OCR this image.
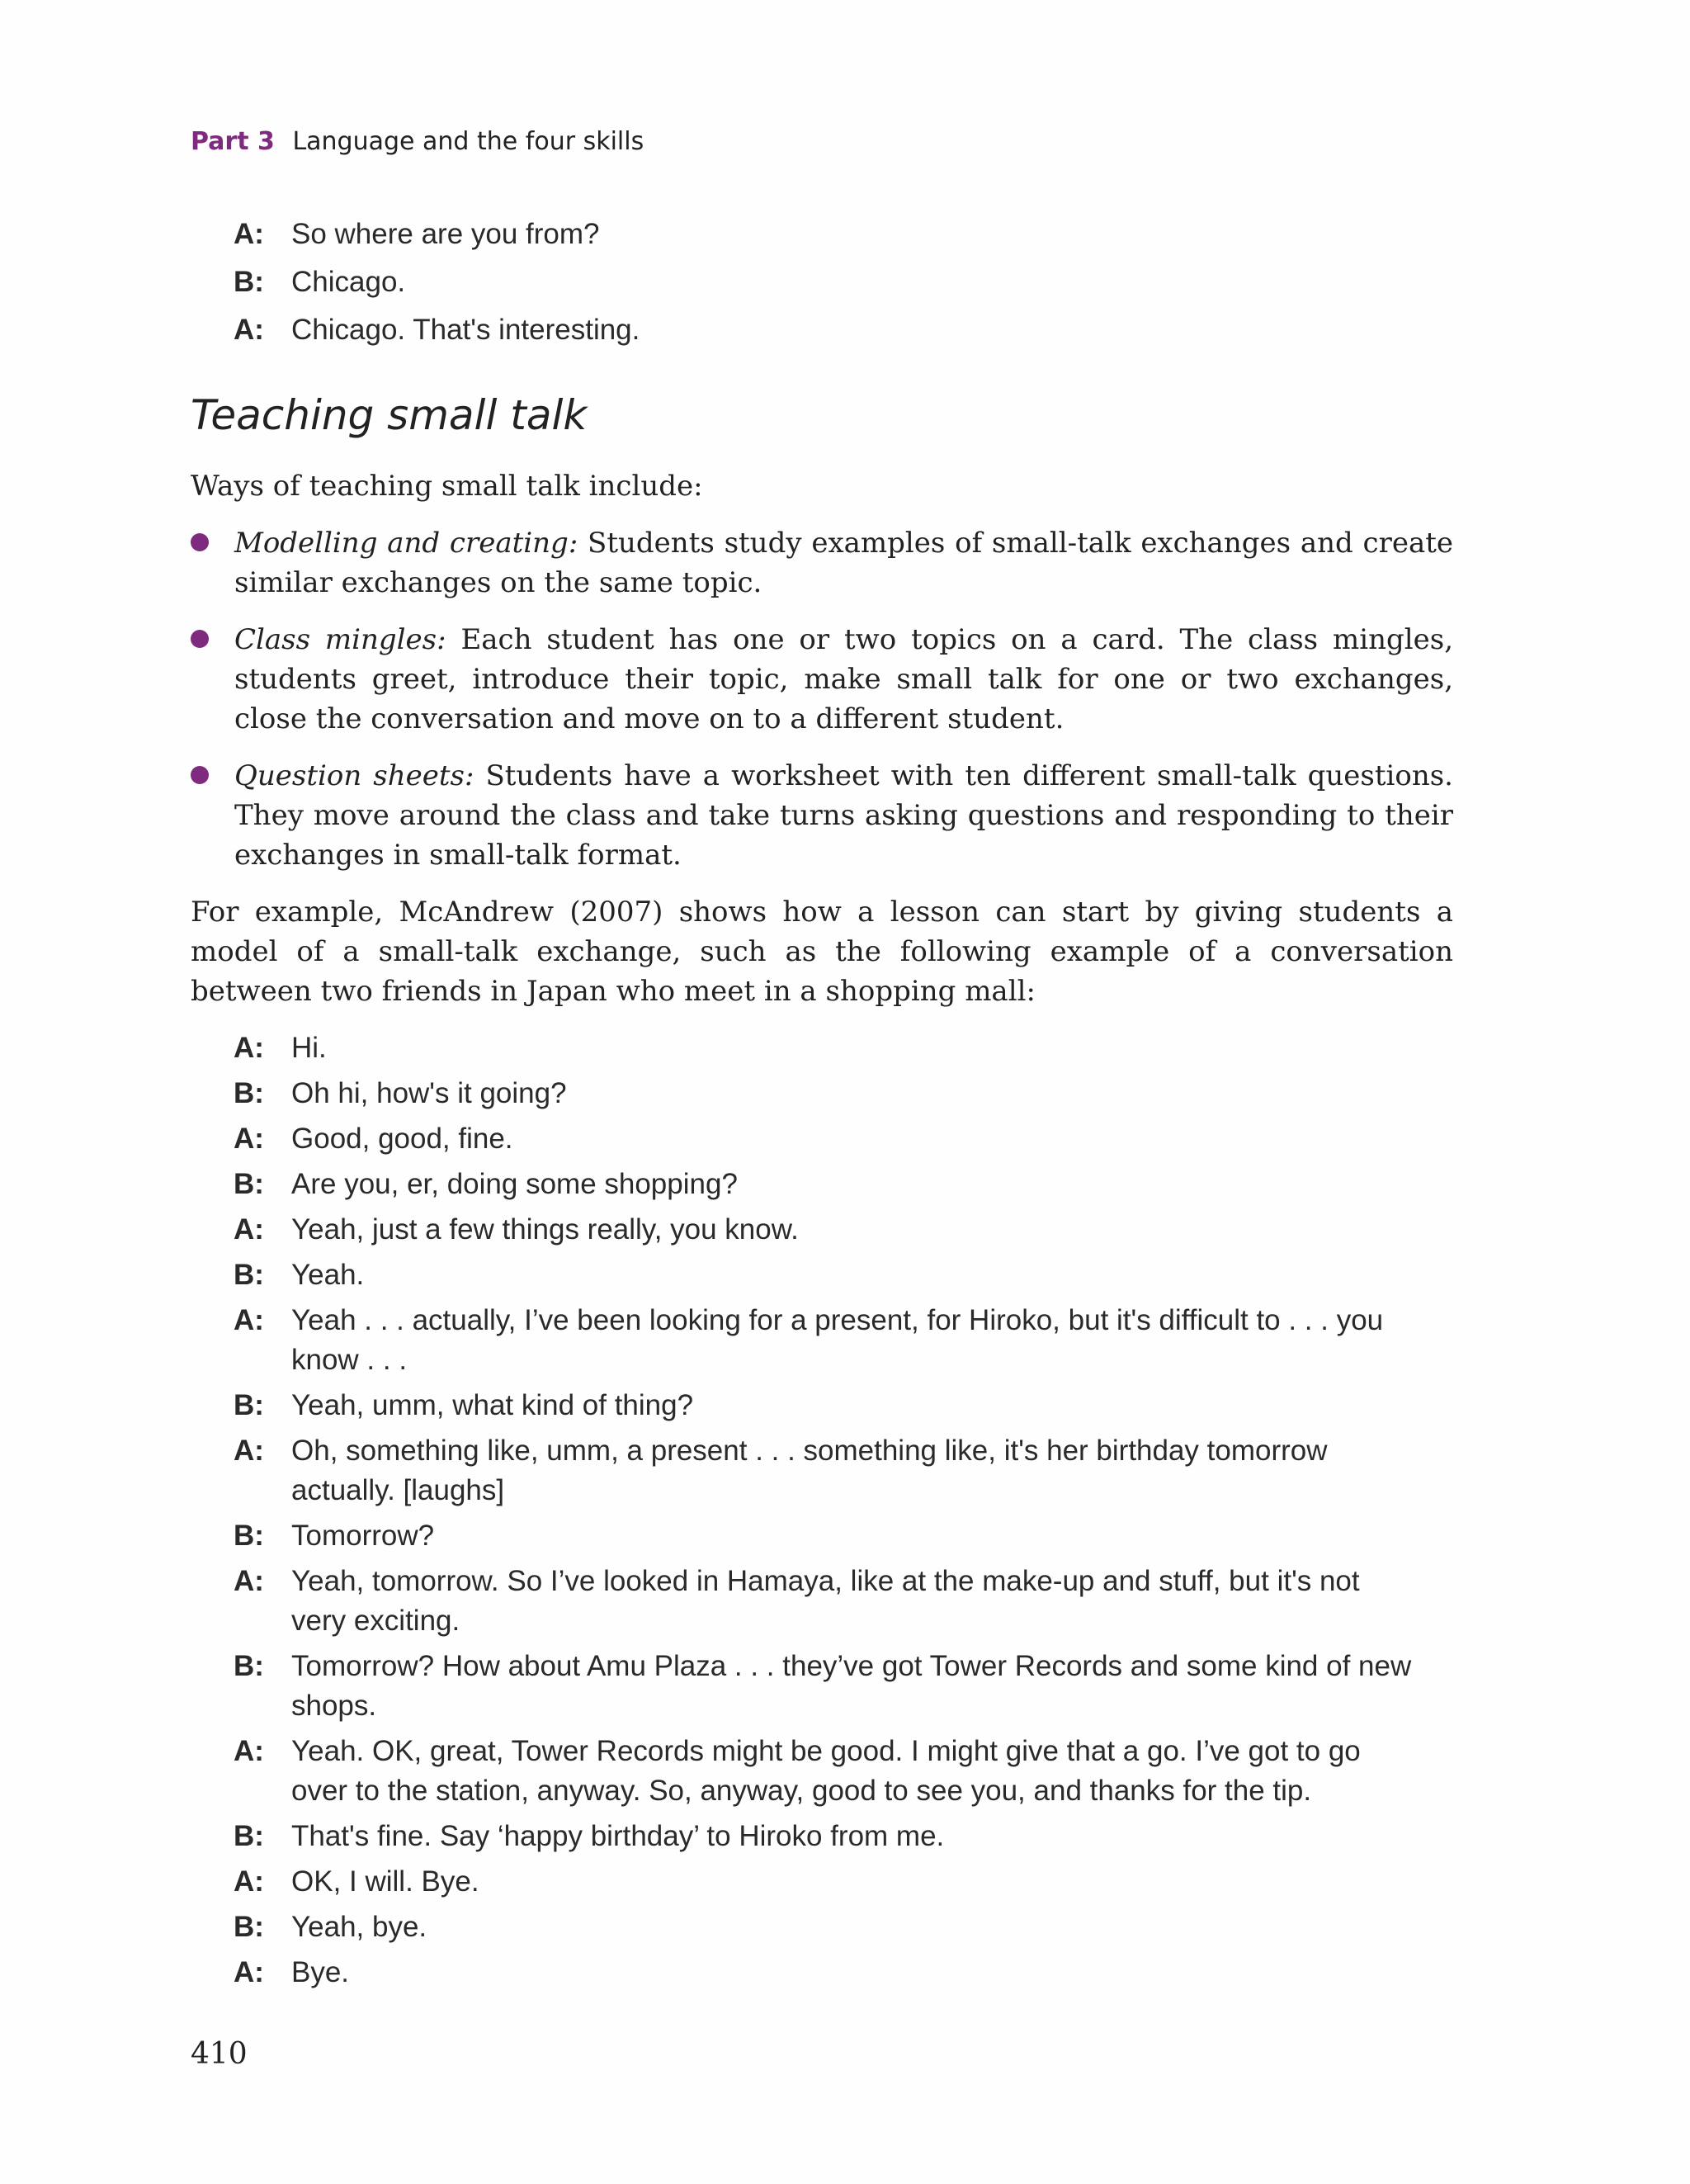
Part 3 Language and the four skills
A: So where are you from?
B: Chicago.
A: Chicago. That's interesting.
Teaching small talk

Ways of teaching small talk include:

Modelling and creating: Students study examples of small-talk exchanges and create similar exchanges on the same topic.
Class mingles: Each student has one or two topics on a card. The class mingles, students greet, introduce their topic, make small talk for one or two exchanges, close the conversation and move on to a different student.
Question sheets: Students have a worksheet with ten different small-talk questions. They move around the class and take turns asking questions and responding to their exchanges in small-talk format.

For example, McAndrew (2007) shows how a lesson can start by giving students a model of a small-talk exchange, such as the following example of a conversation between two friends in Japan who meet in a shopping mall:

A: Hi.
B: Oh hi, how's it going?
A: Good, good, fine.
B: Are you, er, doing some shopping?
A: Yeah, just a few things really, you know.
B: Yeah.
A: Yeah . . . actually, I’ve been looking for a present, for Hiroko, but it's difficult to . . . you know . . .
B: Yeah, umm, what kind of thing?
A: Oh, something like, umm, a present . . . something like, it's her birthday tomorrow actually. [laughs]
B: Tomorrow?
A: Yeah, tomorrow. So I’ve looked in Hamaya, like at the make-up and stuff, but it's not very exciting.
B: Tomorrow? How about Amu Plaza . . . they’ve got Tower Records and some kind of new shops.
A: Yeah. OK, great, Tower Records might be good. I might give that a go. I’ve got to go over to the station, anyway. So, anyway, good to see you, and thanks for the tip.
B: That's fine. Say ‘happy birthday’ to Hiroko from me.
A: OK, I will. Bye.
B: Yeah, bye.
A: Bye.
410
